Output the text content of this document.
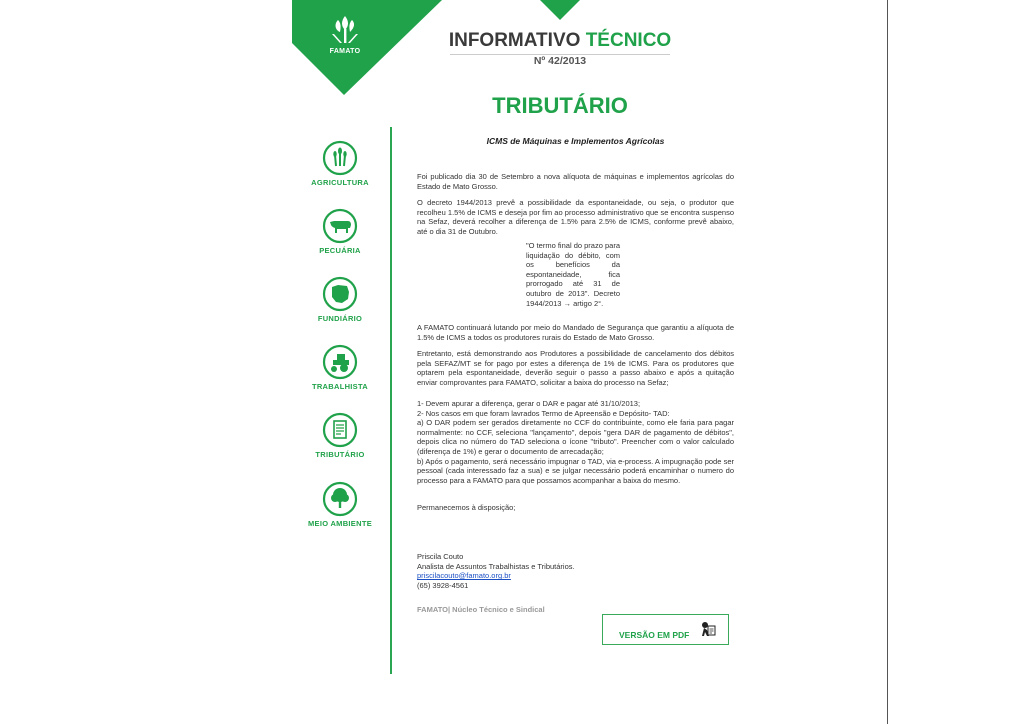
FAMATO
INFORMATIVO TÉCNICO
Nº 42/2013
TRIBUTÁRIO
AGRICULTURA
PECUÁRIA
FUNDIÁRIO
TRABALHISTA
TRIBUTÁRIO
MEIO AMBIENTE
ICMS de Máquinas e Implementos Agrícolas

Foi publicado dia 30 de Setembro a nova alíquota de máquinas e implementos agrícolas do Estado de Mato Grosso.

O decreto 1944/2013 prevê a possibilidade da espontaneidade, ou seja, o produtor que recolheu 1.5% de ICMS e deseja por fim ao processo administrativo que se encontra suspenso na Sefaz, deverá recolher a diferença de 1.5% para 2.5% de ICMS, conforme prevê abaixo, até o dia 31 de Outubro.

"O termo final do prazo para liquidação do débito, com os benefícios da espontaneidade, fica prorrogado até 31 de outubro de 2013". Decreto 1944/2013 → artigo 2°.

A FAMATO continuará lutando por meio do Mandado de Segurança que garantiu a alíquota de 1.5% de ICMS a todos os produtores rurais do Estado de Mato Grosso.

Entretanto, está demonstrando aos Produtores a possibilidade de cancelamento dos débitos pela SEFAZ/MT se for pago por estes a diferença de 1% de ICMS. Para os produtores que optarem pela espontaneidade, deverão seguir o passo a passo abaixo e após a quitação enviar comprovantes para FAMATO, solicitar a baixa do processo na Sefaz;

1- Devem apurar a diferença, gerar o DAR e pagar até 31/10/2013;

2- Nos casos em que foram lavrados Termo de Apreensão e Depósito- TAD:

a) O DAR podem ser gerados diretamente no CCF do contribuinte, como ele faria para pagar normalmente: no CCF, seleciona "lançamento", depois "gera DAR de pagamento de débitos", depois clica no número do TAD seleciona o ícone "tributo". Preencher com o valor calculado (diferença de 1%) e gerar o documento de arrecadação;

b) Após o pagamento, será necessário impugnar o TAD, via e-process. A impugnação pode ser pessoal (cada interessado faz a sua) e se julgar necessário poderá encaminhar o numero do processo para a FAMATO para que possamos acompanhar a baixa do mesmo.

Permanecemos à disposição;

Priscila Couto
Analista de Assuntos Trabalhistas e Tributários.
priscilacouto@famato.org.br
(65) 3928-4561
FAMATO| Núcleo Técnico e Sindical
VERSÃO EM PDF
